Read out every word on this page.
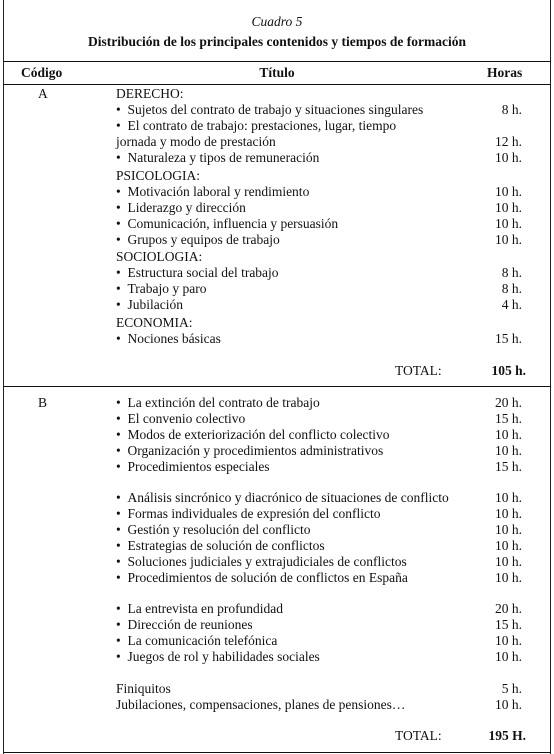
Cuadro 5
Distribución de los principales contenidos y tiempos de formación
Código	Título	Horas
A	DERECHO:
•  Sujetos del contrato de trabajo y situaciones singulares	8 h.
•  El contrato de trabajo: prestaciones, lugar, tiempo
jornada y modo de prestación	12 h.
•  Naturaleza y tipos de remuneración	10 h.
PSICOLOGIA:
•  Motivación laboral y rendimiento	10 h.
•  Liderazgo y dirección	10 h.
•  Comunicación, influencia y persuasión	10 h.
•  Grupos y equipos de trabajo	10 h.
SOCIOLOGIA:
•  Estructura social del trabajo	8 h.
•  Trabajo y paro	8 h.
•  Jubilación	4 h.
ECONOMIA:
•  Nociones básicas	15 h.
TOTAL:	105 h.
B
•	La extinción del contrato de trabajo	20 h.
•  El convenio colectivo	15 h.
•  Modos de exteriorización del conflicto colectivo	10 h.
•  Organización y procedimientos administrativos	10 h.
•  Procedimientos especiales	15 h.
•  Análisis sincrónico y diacrónico de situaciones de conflicto	10 h.
•  Formas individuales de expresión del conflicto	10 h.
•  Gestión y resolución del conflicto	10 h.
•  Estrategias de solución de conflictos	10 h.
•  Soluciones judiciales y extrajudiciales de conflictos	10 h.
•  Procedimientos de solución de conflictos en España	10 h.
•  La entrevista en profundidad	20 h.
•  Dirección de reuniones	15 h.
•  La comunicación telefónica	10 h.
•  Juegos de rol y habilidades sociales	10 h.
Finiquitos	5 h.
Jubilaciones, compensaciones, planes de pensiones…	10 h.
TOTAL:	195 H.
